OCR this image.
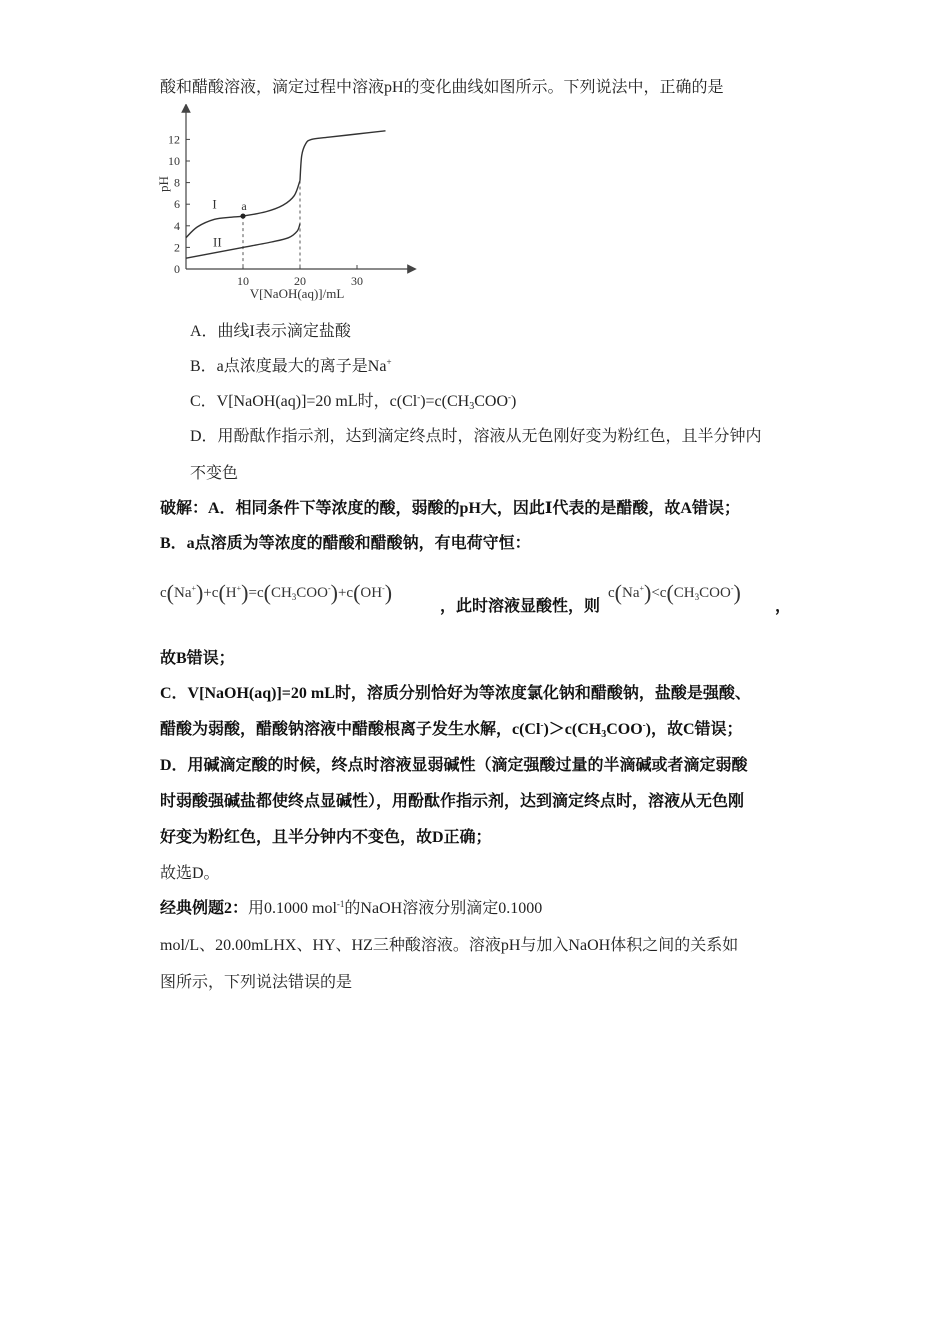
酸和醋酸溶液，滴定过程中溶液pH的变化曲线如图所示。下列说法中，正确的是
2
4
6
8
10
12
10	20	30
0
I
II
a
pH
V[NaOH(aq)]/mL
A．曲线I表示滴定盐酸
B．a点浓度最大的离子是Na+
C．V[NaOH(aq)]=20 mL时，$c(Cl^-)=c(CH_3COO^-)$
D．用酚酞作指示剂，达到滴定终点时，溶液从无色刚好变为粉红色，且半分钟内
不变色
破解：A．相同条件下等浓度的酸，弱酸的pH大，因此Ⅰ代表的是醋酸，故A错误；
B．a点溶质为等浓度的醋酸和醋酸钠，有电荷守恒：
$c(Na^+)+c(H^+)=c(CH_3COO^-)+c(OH^-)$
，此时溶液显酸性，则
$c(Na^+)<c(CH_3COO^-)$
，
故B错误；
C．V[NaOH(aq)]=20 mL时，溶质分别恰好为等浓度氯化钠和醋酸钠，盐酸是强酸、
醋酸为弱酸，醋酸钠溶液中醋酸根离子发生水解，$c(Cl^-)>c(CH_3COO^-)$，故C错误；
D．用碱滴定酸的时候，终点时溶液显弱碱性（滴定强酸过量的半滴碱或者滴定弱酸
时弱酸强碱盐都使终点显碱性），用酚酞作指示剂，达到滴定终点时，溶液从无色刚
好变为粉红色，且半分钟内不变色，故D正确；
故选D。
经典例题2：用0.1000 mol$^{-1}$的NaOH溶液分别滴定0.1000
mol/L、20.00mLHX、HY、HZ三种酸溶液。溶液pH与加入NaOH体积之间的关系如
图所示，下列说法错误的是
